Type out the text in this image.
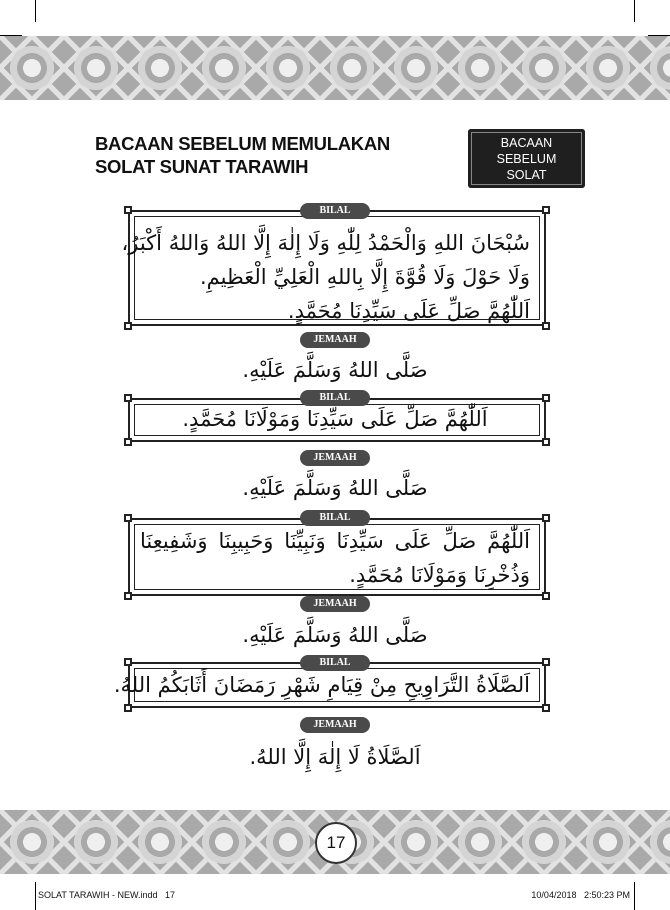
17
BACAAN SEBELUM MEMULAKAN
SOLAT SUNAT TARAWIH
BACAAN
SEBELUM
SOLAT
BILAL
سُبْحَانَ اللهِ وَالْحَمْدُ لِلّٰهِ وَلَا إِلٰهَ إِلَّا اللهُ وَاللهُ أَكْبَرُ،
وَلَا حَوْلَ وَلَا قُوَّةَ إِلَّا بِاللهِ الْعَلِيِّ الْعَظِيمِ.
اَللّٰهُمَّ صَلِّ عَلَى سَيِّدِنَا مُحَمَّدٍ.
JEMAAH
صَلَّى اللهُ وَسَلَّمَ عَلَيْهِ.
BILAL
اَللّٰهُمَّ صَلِّ عَلَى سَيِّدِنَا وَمَوْلَانَا مُحَمَّدٍ.
JEMAAH
صَلَّى اللهُ وَسَلَّمَ عَلَيْهِ.
اَللّٰهُمَّ صَلِّ عَلَى سَيِّدِنَا وَنَبِيِّنَا وَحَبِيبِنَا وَشَفِيعِنَا
وَذُخْرِنَا وَمَوْلَانَا مُحَمَّدٍ.
BILAL
JEMAAH
صَلَّى اللهُ وَسَلَّمَ عَلَيْهِ.
BILAL
اَلصَّلَاةُ التَّرَاوِيحِ مِنْ قِيَامِ شَهْرِ رَمَضَانَ أَثَابَكُمُ اللهُ.
JEMAAH
اَلصَّلَاةُ لَا إِلٰهَ إِلَّا اللهُ.
SOLAT TARAWIH - NEW.indd   17	10/04/2018   2:50:23 PM
